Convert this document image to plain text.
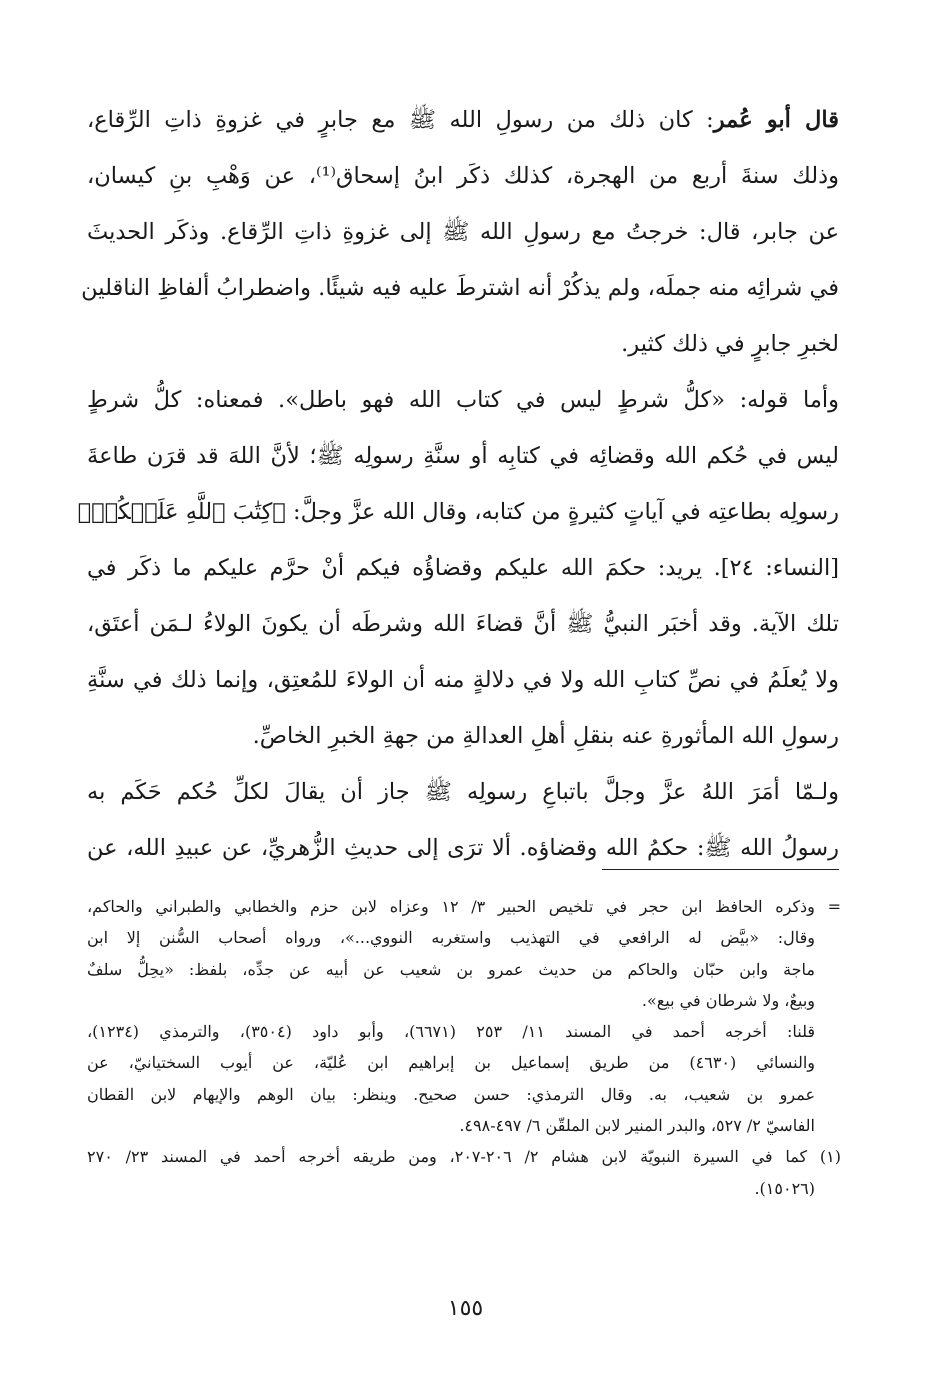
قال أبو عُمر: كان ذلك من رسولِ الله ﷺ مع جابرٍ في غزوةِ ذاتِ الرِّقاع،
وذلك سنةَ أربع من الهجرة، كذلك ذكَر ابنُ إسحاق⁽¹⁾، عن وَهْبِ بنِ كيسان،
عن جابر، قال: خرجتُ مع رسولِ الله ﷺ إلى غزوةِ ذاتِ الرِّقاع. وذكَر الحديثَ
في شرائِه منه جملَه، ولم يذكُرْ أنه اشترطَ عليه فيه شيئًا. واضطرابُ ألفاظِ الناقلين
لخبرِ جابرٍ في ذلك كثير.
وأما قوله: «كلُّ شرطٍ ليس في كتاب الله فهو باطل». فمعناه: كلُّ شرطٍ
ليس في حُكم الله وقضائِه في كتابِه أو سنَّةِ رسولِه ﷺ؛ لأنَّ اللهَ قد قرَن طاعةَ
رسولِه بطاعتِه في آياتٍ كثيرةٍ من كتابه، وقال الله عزَّ وجلَّ: ﴿كِتَٰبَ ٱللَّهِ عَلَيۡكُمۡ﴾
[النساء: ٢٤]. يريد: حكمَ الله عليكم وقضاؤُه فيكم أنْ حرَّم عليكم ما ذكَر في
تلك الآية. وقد أخبَر النبيُّ ﷺ أنَّ قضاءَ الله وشرطَه أن يكونَ الولاءُ لـمَن أعتَق،
ولا يُعلَمُ في نصِّ كتابِ الله ولا في دلالةٍ منه أن الولاءَ للمُعتِق، وإنما ذلك في سنَّةِ
رسولِ الله المأثورةِ عنه بنقلِ أهلِ العدالةِ من جهةِ الخبرِ الخاصِّ.
ولـمّا أمَرَ اللهُ عزَّ وجلَّ باتباعِ رسولِه ﷺ جاز أن يقالَ لكلِّ حُكم حَكَم به
رسولُ الله ﷺ: حكمُ الله وقضاؤه. ألا ترَى إلى حديثِ الزُّهريِّ، عن عبيدِ الله، عن
= وذكره الحافظ ابن حجر في تلخيص الحبير ٣/ ١٢ وعزاه لابن حزم والخطابي والطبراني والحاكم،
وقال: «بيَّض له الرافعي في التهذيب واستغربه النووي...»، ورواه أصحاب السُّنن إلا ابن
ماجة وابن حبّان والحاكم من حديث عمرو بن شعيب عن أبيه عن جدِّه، بلفظ: «يحِلُّ سلفٌ
وبيعٌ، ولا شرطان في بيع».
قلنا: أخرجه أحمد في المسند ١١/ ٢٥٣ (٦٦٧١)، وأبو داود (٣٥٠٤)، والترمذي (١٢٣٤)،
والنسائي (٤٦٣٠) من طريق إسماعيل بن إبراهيم ابن عُليّة، عن أيوب السختيانيّ، عن
عمرو بن شعيب، به. وقال الترمذي: حسن صحيح. وينظر: بيان الوهم والإيهام لابن القطان
الفاسيّ ٢/ ٥٢٧، والبدر المنير لابن الملقّن ٦/ ٤٩٧-٤٩٨.
(١) كما في السيرة النبويّة لابن هشام ٢/ ٢٠٦-٢٠٧، ومن طريقه أخرجه أحمد في المسند ٢٣/ ٢٧٠
(١٥٠٢٦).
١٥٥
